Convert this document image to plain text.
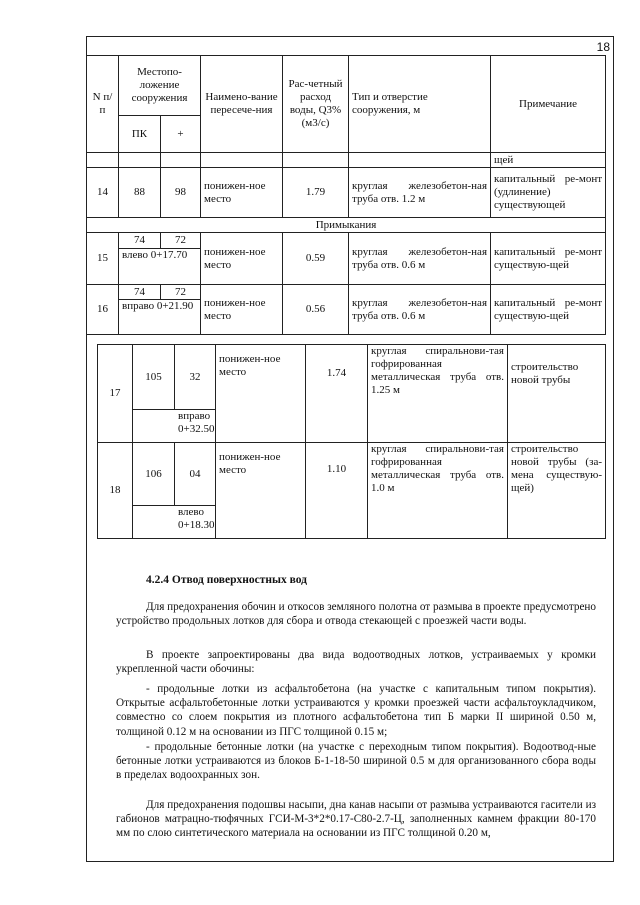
18
N п/п	Местопо-ложение сооружения		Наимено-вание пересече-ния	Рас-четный расход воды, Q3% (м3/с)	Тип и отверстие сооружения, м	Примечание
	ПК	+				
						щей
14	88	98	понижен-ное место	1.79	круглая железобетон-ная труба отв. 1.2 м	капитальный ре-монт (удлинение) существующей
Примыкания						
15	74	72	понижен-ное место	0.59	круглая железобетон-ная труба отв. 0.6 м	капитальный ре-монт существую-щей
	влево 0+17.70					
16	74	72	понижен-ное место	0.56	круглая железобетон-ная труба отв. 0.6 м	капитальный ре-монт существую-щей
	вправо 0+21.90					
17	105	32	понижен-ное место	1.74	круглая спиральнови-тая гофрированная металлическая труба отв. 1.25 м	строительство новой трубы
	вправо 0+32.50					
18	106	04	понижен-ное место	1.10	круглая спиральнови-тая гофрированная металлическая труба отв. 1.0 м	строительство новой трубы (за-мена существую-щей)
	влево 0+18.30					
4.2.4 Отвод поверхностных вод

Для предохранения обочин и откосов земляного полотна от размыва в проекте предусмотрено устройство продольных лотков для сбора и отвода стекающей с проезжей части воды.

В проекте запроектированы два вида водоотводных лотков, устраиваемых у кромки укрепленной части обочины:

- продольные лотки из асфальтобетона (на участке с капитальным типом покрытия). Открытые асфальтобетонные лотки устраиваются у кромки проезжей части асфальтоукладчиком, совместно со слоем покрытия из плотного асфальтобетона тип Б марки II шириной 0.50 м, толщиной 0.12 м на основании из ПГС толщиной 0.15 м;

- продольные бетонные лотки (на участке с переходным типом покрытия). Водоотвод-ные бетонные лотки устраиваются из блоков Б-1-18-50 шириной 0.5 м для организованного сбора воды в пределах водоохранных зон.

Для предохранения подошвы насыпи, дна канав насыпи от размыва устраиваются гасители из габионов матрацно-тюфячных ГСИ-М-3*2*0.17-С80-2.7-Ц, заполненных камнем фракции 80-170 мм по слою синтетического материала на основании из ПГС толщиной 0.20 м,
